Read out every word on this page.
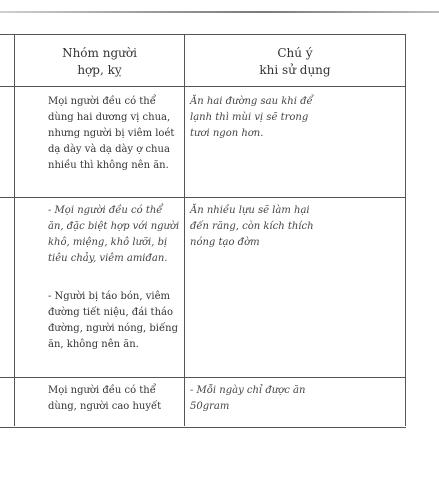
Nhóm người
hợp, kỵ
Chú ý
khi sử dụng
Mọi người đều có thể
dùng hai dương vị chua,
nhưng người bị viêm loét
dạ dày và dạ dày ợ chua
nhiều thì không nên ăn.
Ăn hai đường sau khi để
lạnh thì mùi vị sẽ trong
tươi ngon hơn.
- Mọi người đều có thể
ăn, đặc biệt hợp với người
khô, miệng, khô lưỡi, bị
tiêu chảy, viêm amiđan.
- Người bị táo bón, viêm
đường tiết niệu, đái tháo
đường, người nóng, biếng
ăn, không nên ăn.
Ăn nhiều lựu sẽ làm hại
đến răng, còn kích thích
nóng tạo đờm
Mọi người đều có thể
dùng, người cao huyết
- Mỗi ngày chỉ được ăn
50gram
